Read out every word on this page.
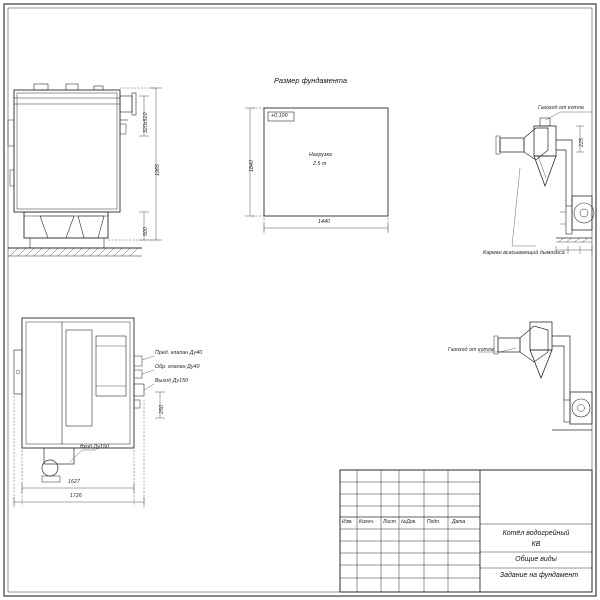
1965
320x520
500
Размер фундамента
+0.100
Нагрузка
2.5 т
1840
1440
Газоход от котла
Карман всасывающий дымососа
225
Газоход от котла
Пред. клапан Ду40
Обр. клапан Ду40
Выход Ду150
Вход Ду150
250
1627
1726
Изм. Колич. Лист №Док. Подп. Дата
Котёл водогрейный
КВ
Общие виды
Задание на фундамент
